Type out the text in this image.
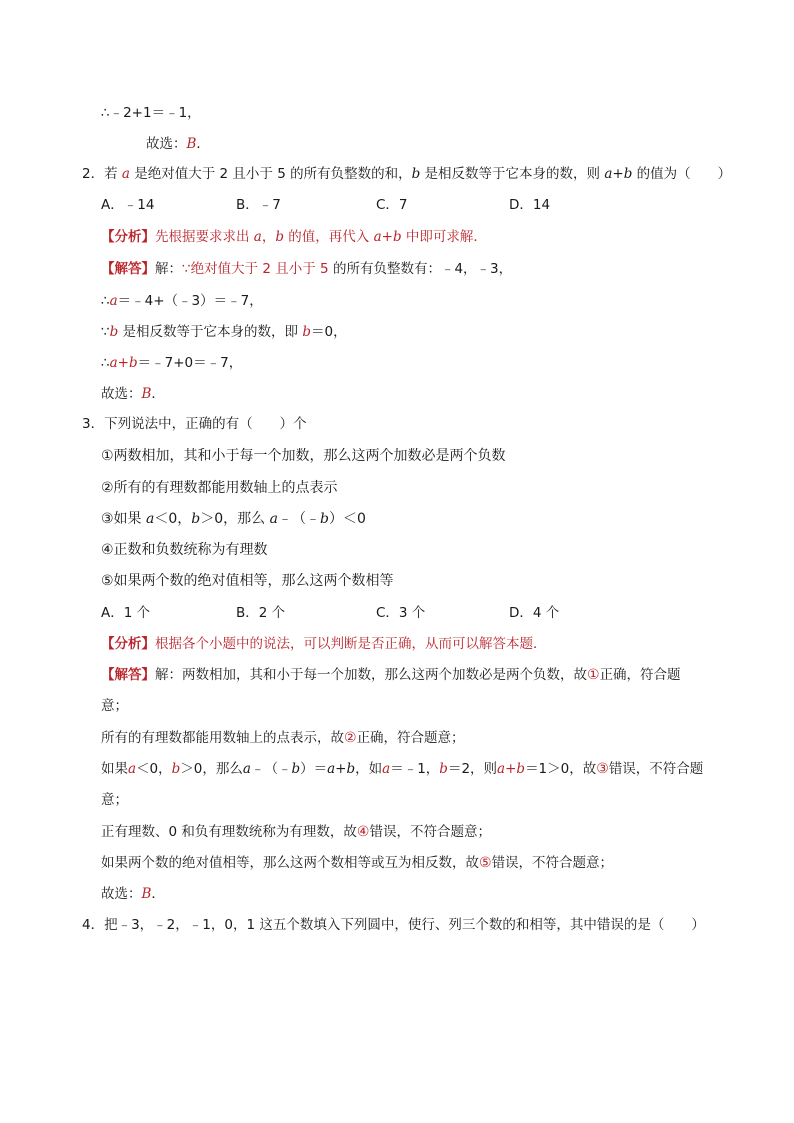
∴﹣2+1＝﹣1，
故选：B．
2．若 a 是绝对值大于 2 且小于 5 的所有负整数的和，b 是相反数等于它本身的数，则 a+b 的值为（　　）
A．﹣14	B．﹣7	C．7	D．14
【分析】先根据要求求出 a，b 的值，再代入 a+b 中即可求解．
【解答】解：∵绝对值大于 2 且小于 5 的所有负整数有：﹣4，﹣3，
∴a＝﹣4+（﹣3）＝﹣7，
∵b 是相反数等于它本身的数，即 b＝0，
∴a+b＝﹣7+0＝﹣7，
故选：B．
3．下列说法中，正确的有（　　）个
①两数相加，其和小于每一个加数，那么这两个加数必是两个负数
②所有的有理数都能用数轴上的点表示
③如果 a＜0，b＞0，那么 a﹣（﹣b）＜0
④正数和负数统称为有理数
⑤如果两个数的绝对值相等，那么这两个数相等
A．1 个	B．2 个	C．3 个	D．4 个
【分析】根据各个小题中的说法，可以判断是否正确，从而可以解答本题．
【解答】解：两数相加，其和小于每一个加数，那么这两个加数必是两个负数，故①正确，符合题
意；
所有的有理数都能用数轴上的点表示，故②正确，符合题意；
如果a＜0，b＞0，那么a﹣（﹣b）＝a+b，如a＝﹣1，b＝2，则a+b＝1＞0，故③错误，不符合题
意；
正有理数、0 和负有理数统称为有理数，故④错误，不符合题意；
如果两个数的绝对值相等，那么这两个数相等或互为相反数，故⑤错误，不符合题意；
故选：B．
4．把﹣3，﹣2，﹣1，0，1 这五个数填入下列圆中，使行、列三个数的和相等，其中错误的是（　　）
